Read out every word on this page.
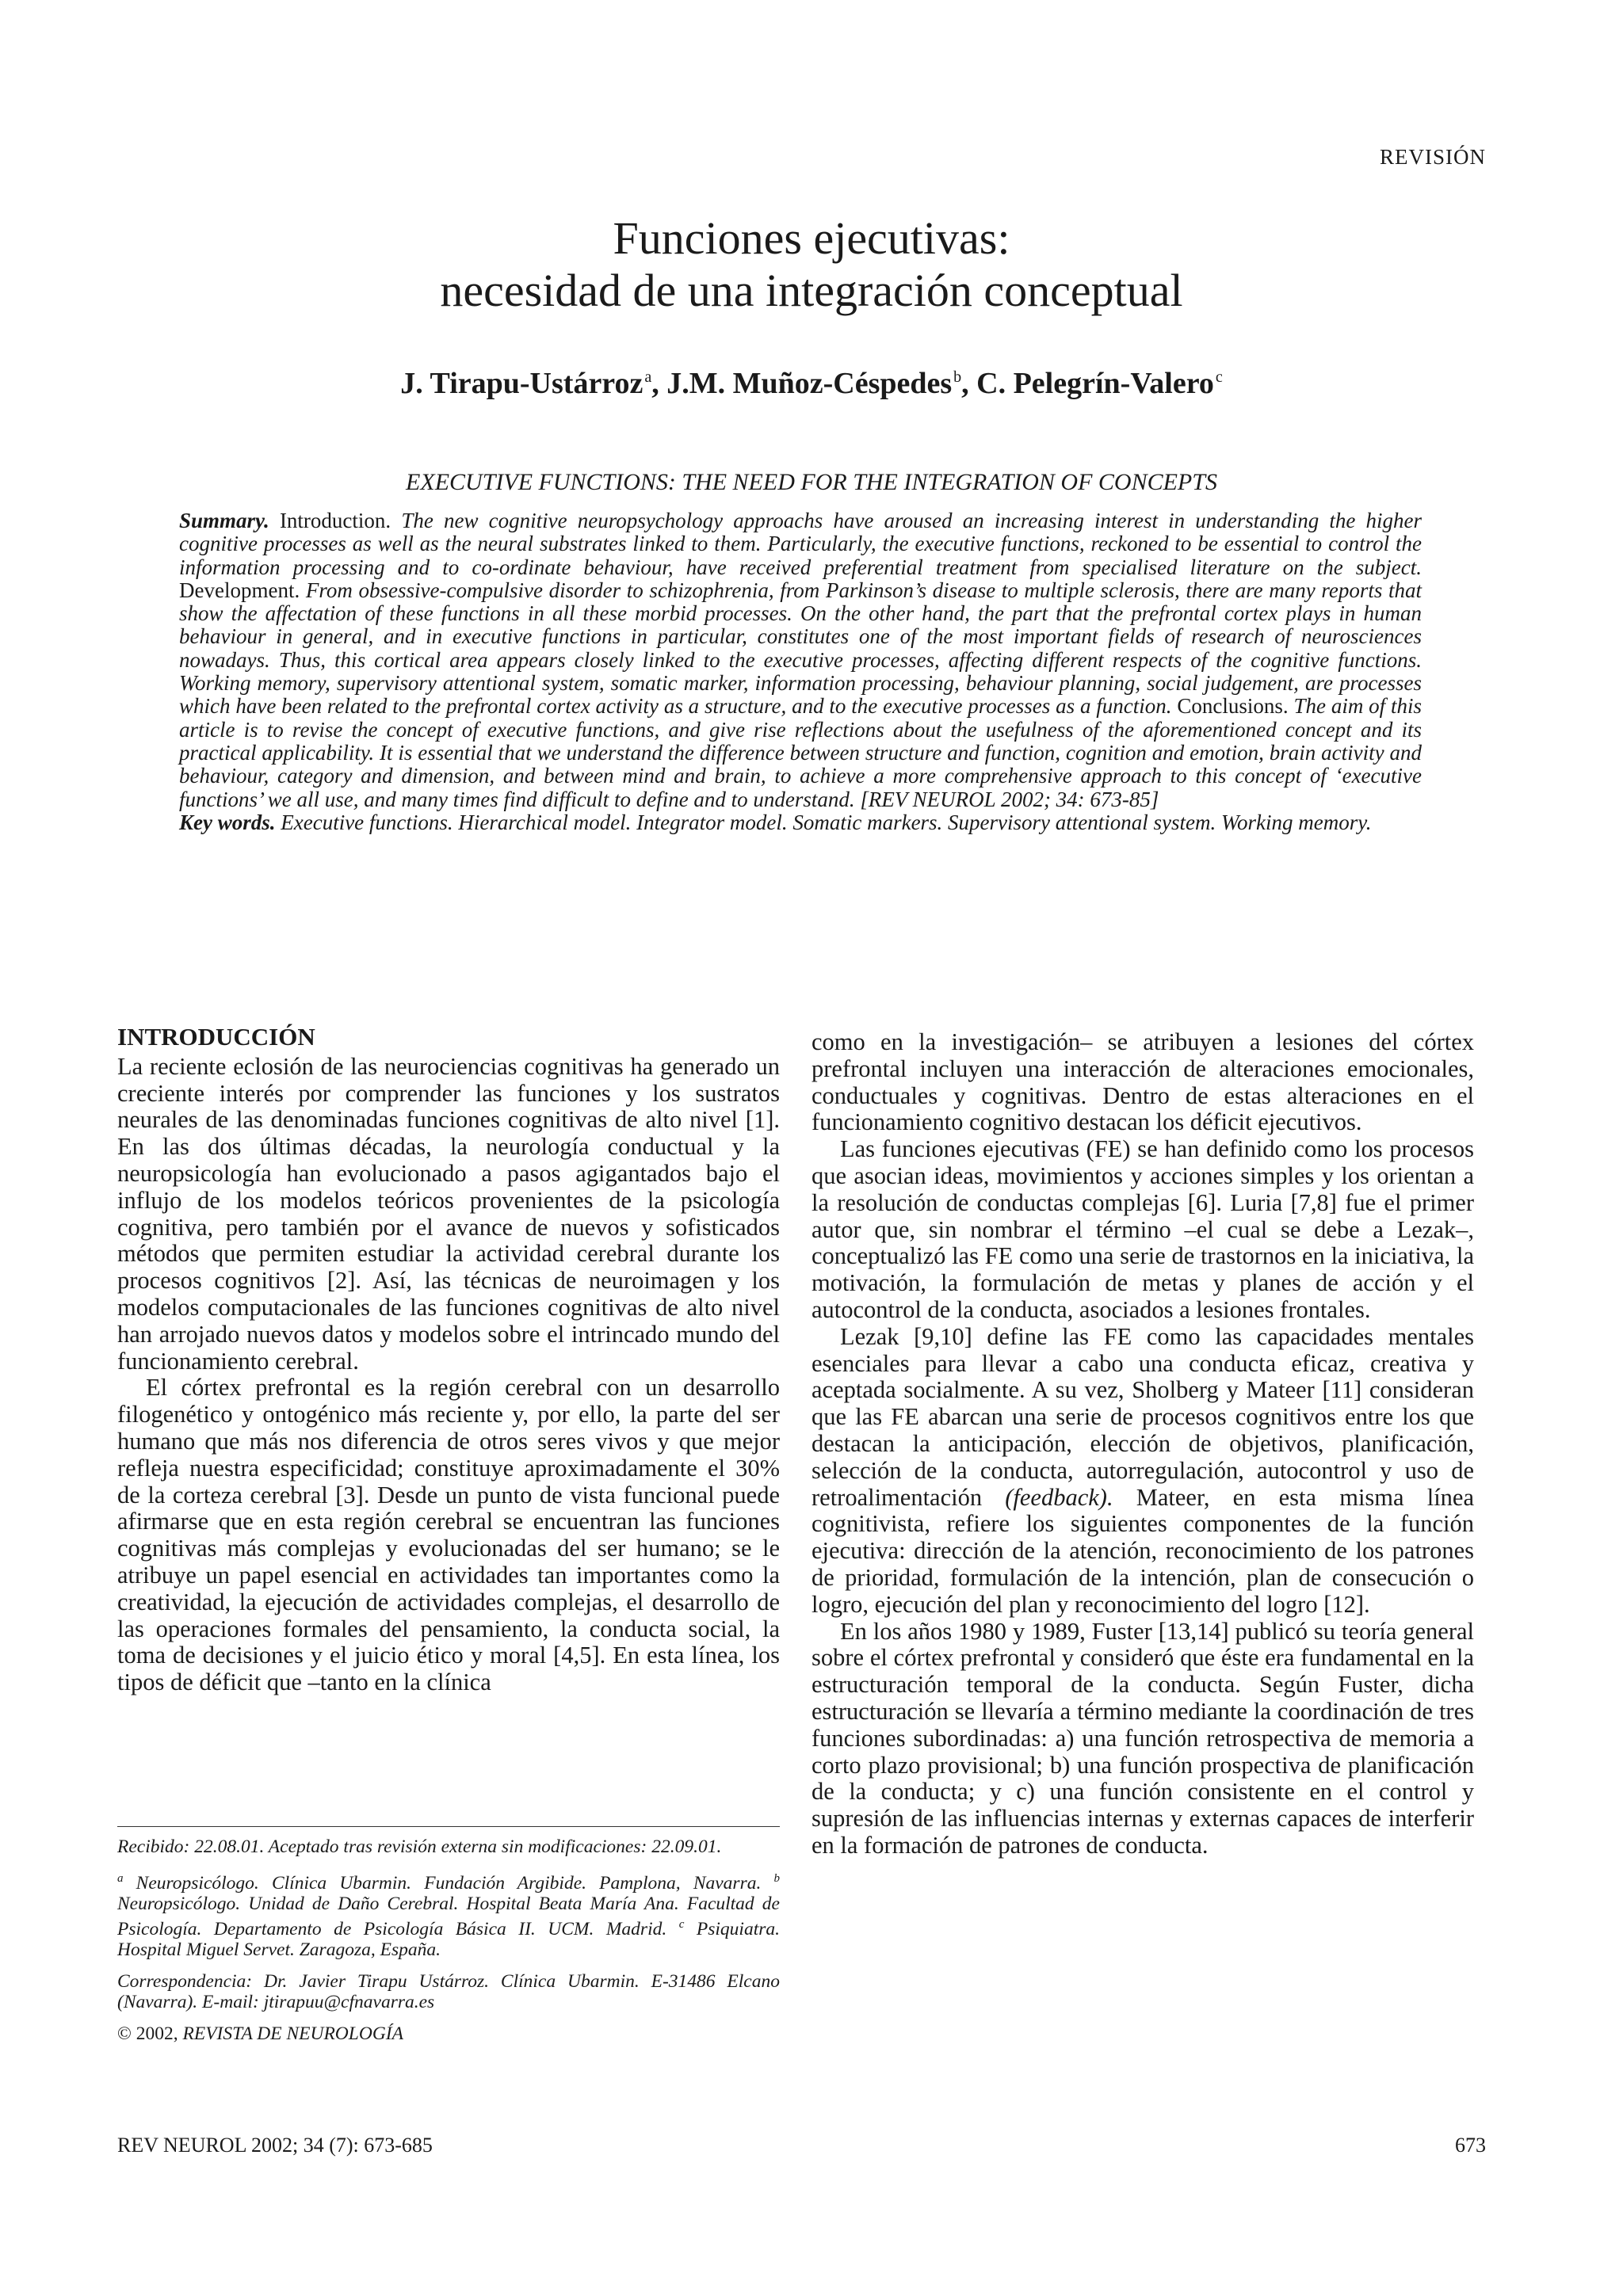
REVISIÓN
Funciones ejecutivas:
necesidad de una integración conceptual
J. Tirapu-Ustárroz $^a$, J.M. Muñoz-Céspedes $^b$, C. Pelegrín-Valero $^c$
EXECUTIVE FUNCTIONS: THE NEED FOR THE INTEGRATION OF CONCEPTS
Summary. Introduction. The new cognitive neuropsychology approachs have aroused an increasing interest in understanding the higher cognitive processes as well as the neural substrates linked to them. Particularly, the executive functions, reckoned to be essential to control the information processing and to co-ordinate behaviour, have received preferential treatment from specialised literature on the subject. Development. From obsessive-compulsive disorder to schizophrenia, from Parkinson’s disease to multiple sclerosis, there are many reports that show the affectation of these functions in all these morbid processes. On the other hand, the part that the prefrontal cortex plays in human behaviour in general, and in executive functions in particular, constitutes one of the most important fields of research of neurosciences nowadays. Thus, this cortical area appears closely linked to the executive processes, affecting different respects of the cognitive functions. Working memory, supervisory attentional system, somatic marker, information processing, behaviour planning, social judgement, are processes which have been related to the prefrontal cortex activity as a structure, and to the executive processes as a function. Conclusions. The aim of this article is to revise the concept of executive functions, and give rise reflections about the usefulness of the aforementioned concept and its practical applicability. It is essential that we understand the difference between structure and function, cognition and emotion, brain activity and behaviour, category and dimension, and between mind and brain, to achieve a more comprehensive approach to this concept of ‘executive functions’ we all use, and many times find difficult to define and to understand. [REV NEUROL 2002; 34: 673-85]
Key words. Executive functions. Hierarchical model. Integrator model. Somatic markers. Supervisory attentional system. Working memory.
INTRODUCCIÓN

La reciente eclosión de las neurociencias cognitivas ha generado un creciente interés por comprender las funciones y los sustratos neurales de las denominadas funciones cognitivas de alto nivel [1]. En las dos últimas décadas, la neurología conductual y la neuropsicología han evolucionado a pasos agigantados bajo el influjo de los modelos teóricos provenientes de la psicología cognitiva, pero también por el avance de nuevos y sofisticados métodos que permiten estudiar la actividad cerebral durante los procesos cognitivos [2]. Así, las técnicas de neuroimagen y los modelos computacionales de las funciones cognitivas de alto nivel han arrojado nuevos datos y modelos sobre el intrincado mundo del funcionamiento cerebral.

El córtex prefrontal es la región cerebral con un desarrollo filogenético y ontogénico más reciente y, por ello, la parte del ser humano que más nos diferencia de otros seres vivos y que mejor refleja nuestra especificidad; constituye aproximadamente el 30% de la corteza cerebral [3]. Desde un punto de vista funcional puede afirmarse que en esta región cerebral se encuentran las funciones cognitivas más complejas y evolucionadas del ser humano; se le atribuye un papel esencial en actividades tan importantes como la creatividad, la ejecución de actividades complejas, el desarrollo de las operaciones formales del pensamiento, la conducta social, la toma de decisiones y el juicio ético y moral [4,5]. En esta línea, los tipos de déficit que –tanto en la clínica

como en la investigación– se atribuyen a lesiones del córtex prefrontal incluyen una interacción de alteraciones emocionales, conductuales y cognitivas. Dentro de estas alteraciones en el funcionamiento cognitivo destacan los déficit ejecutivos.

Las funciones ejecutivas (FE) se han definido como los procesos que asocian ideas, movimientos y acciones simples y los orientan a la resolución de conductas complejas [6]. Luria [7,8] fue el primer autor que, sin nombrar el término –el cual se debe a Lezak–, conceptualizó las FE como una serie de trastornos en la iniciativa, la motivación, la formulación de metas y planes de acción y el autocontrol de la conducta, asociados a lesiones frontales.

Lezak [9,10] define las FE como las capacidades mentales esenciales para llevar a cabo una conducta eficaz, creativa y aceptada socialmente. A su vez, Sholberg y Mateer [11] consideran que las FE abarcan una serie de procesos cognitivos entre los que destacan la anticipación, elección de objetivos, planificación, selección de la conducta, autorregulación, autocontrol y uso de retroalimentación (feedback). Mateer, en esta misma línea cognitivista, refiere los siguientes componentes de la función ejecutiva: dirección de la atención, reconocimiento de los patrones de prioridad, formulación de la intención, plan de consecución o logro, ejecución del plan y reconocimiento del logro [12].

En los años 1980 y 1989, Fuster [13,14] publicó su teoría general sobre el córtex prefrontal y consideró que éste era fundamental en la estructuración temporal de la conducta. Según Fuster, dicha estructuración se llevaría a término mediante la coordinación de tres funciones subordinadas: a) una función retrospectiva de memoria a corto plazo provisional; b) una función prospectiva de planificación de la conducta; y c) una función consistente en el control y supresión de las influencias internas y externas capaces de interferir en la formación de patrones de conducta.

Recibido: 22.08.01. Aceptado tras revisión externa sin modificaciones: 22.09.01.

$^a$ Neuropsicólogo. Clínica Ubarmin. Fundación Argibide. Pamplona, Navarra. $^b$ Neuropsicólogo. Unidad de Daño Cerebral. Hospital Beata María Ana. Facultad de Psicología. Departamento de Psicología Básica II. UCM. Madrid. $^c$ Psiquiatra. Hospital Miguel Servet. Zaragoza, España.

Correspondencia: Dr. Javier Tirapu Ustárroz. Clínica Ubarmin. E-31486 Elcano (Navarra). E-mail: jtirapuu@cfnavarra.es

© 2002, REVISTA DE NEUROLOGÍA

REV NEUROL 2002; 34 (7): 673-685	673
